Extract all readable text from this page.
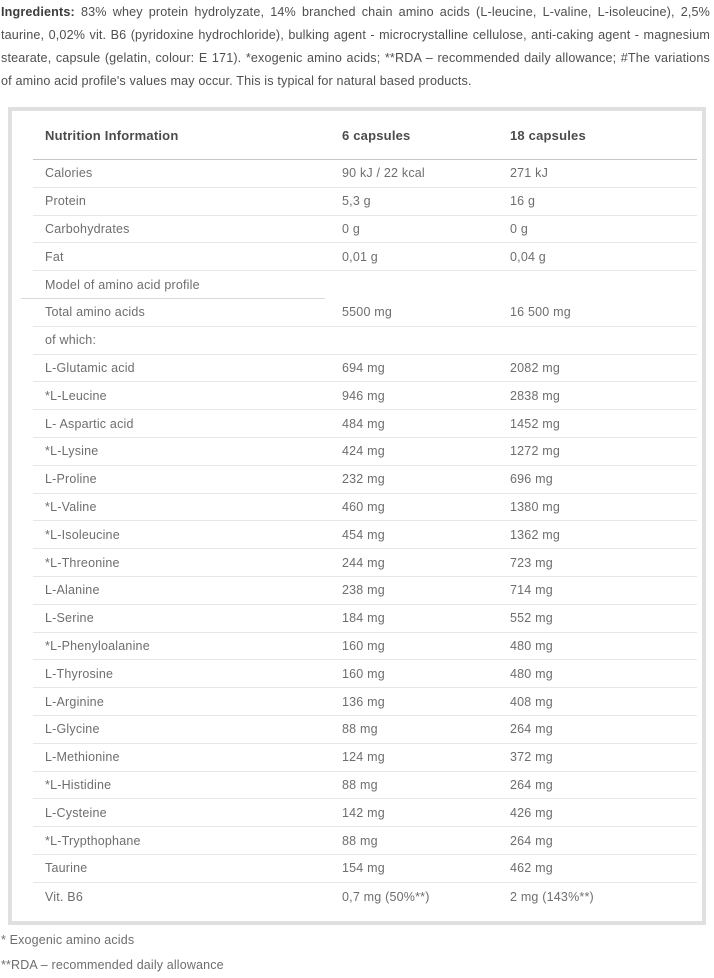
Ingredients: 83% whey protein hydrolyzate, 14% branched chain amino acids (L-leucine, L-valine, L-isoleucine), 2,5% taurine, 0,02% vit. B6 (pyridoxine hydrochloride), bulking agent - microcrystalline cellulose, anti-caking agent - magnesium stearate, capsule (gelatin, colour: E 171). *exogenic amino acids; **RDA – recommended daily allowance; #The variations of amino acid profile's values may occur. This is typical for natural based products.

Nutrition Information	6 capsules	18 capsules
Calories	90 kJ / 22 kcal	271 kJ
Protein	5,3 g	16 g
Carbohydrates	0 g	0 g
Fat	0,01 g	0,04 g
Model of amino acid profile
Total amino acids	5500 mg	16 500 mg
of which:
L-Glutamic acid	694 mg	2082 mg
*L-Leucine	946 mg	2838 mg
L- Aspartic acid	484 mg	1452 mg
*L-Lysine	424 mg	1272 mg
L-Proline	232 mg	696 mg
*L-Valine	460 mg	1380 mg
*L-Isoleucine	454 mg	1362 mg
*L-Threonine	244 mg	723 mg
L-Alanine	238 mg	714 mg
L-Serine	184 mg	552 mg
*L-Phenyloalanine	160 mg	480 mg
L-Thyrosine	160 mg	480 mg
L-Arginine	136 mg	408 mg
L-Glycine	88 mg	264 mg
L-Methionine	124 mg	372 mg
*L-Histidine	88 mg	264 mg
L-Cysteine	142 mg	426 mg
*L-Trypthophane	88 mg	264 mg
Taurine	154 mg	462 mg
Vit. B6	0,7 mg (50%**)	2 mg (143%**)

* Exogenic amino acids

**RDA – recommended daily allowance
